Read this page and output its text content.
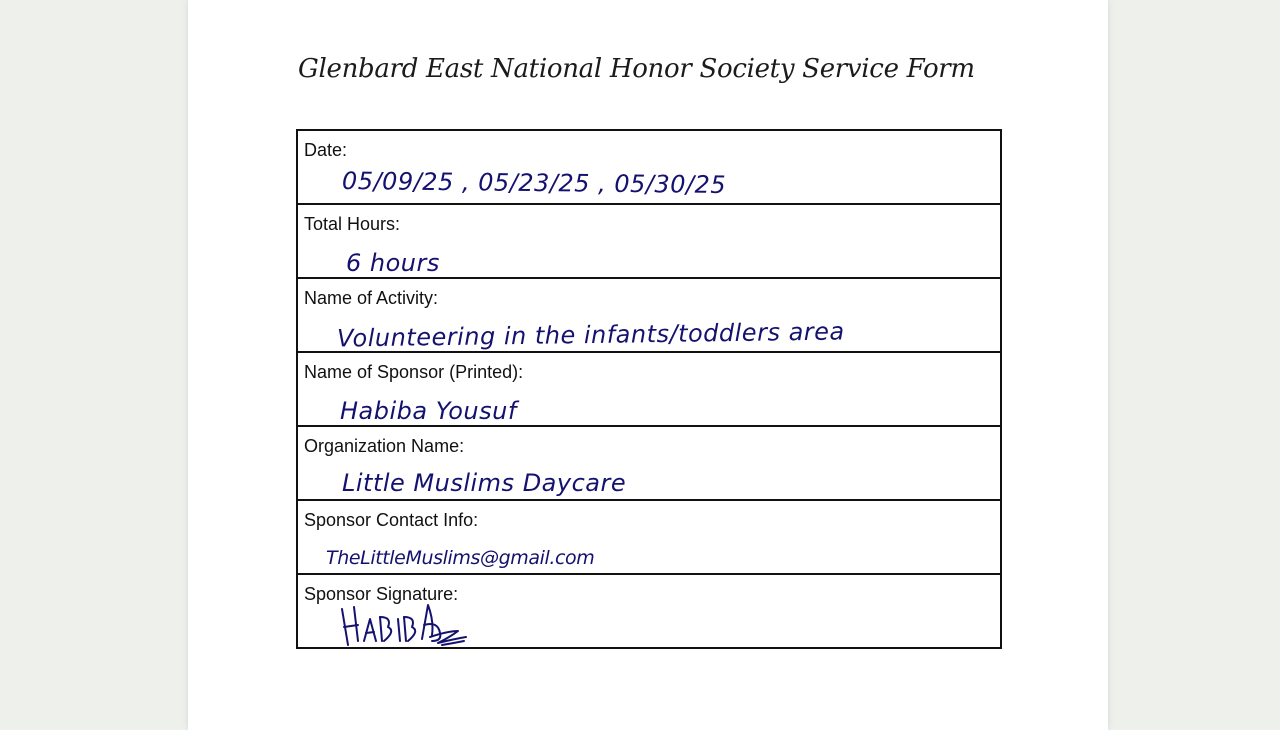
Glenbard East National Honor Society Service Form
Date:
05/09/25 , 05/23/25 , 05/30/25
Total Hours:
6 hours
Name of Activity:
Volunteering in the infants/toddlers area
Name of Sponsor (Printed):
Habiba Yousuf
Organization Name:
Little Muslims Daycare
Sponsor Contact Info:
TheLittleMuslims@gmail.com
Sponsor Signature:
